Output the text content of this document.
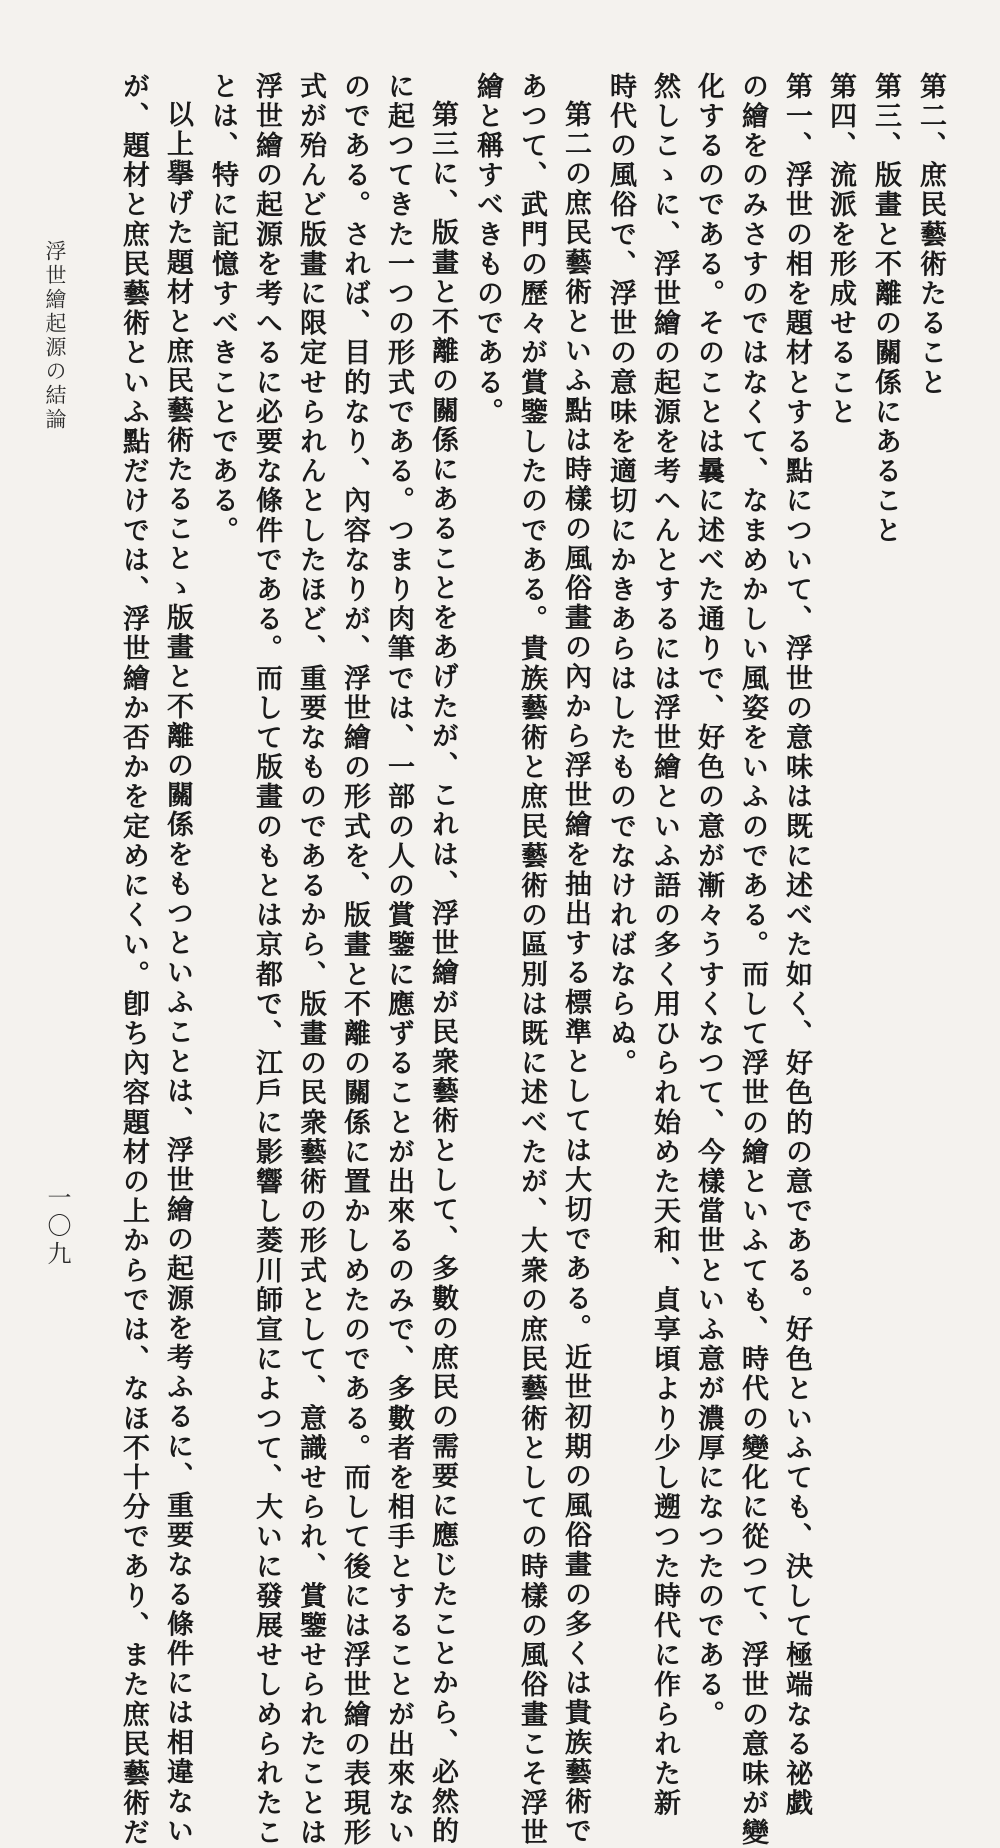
第二、庶民藝術たること
第三、版畫と不離の關係にあること
第四、流派を形成せること
第一、浮世の相を題材とする點について、浮世の意味は既に述べた如く、好色的の意である。好色といふても、決して極端なる祕戯
の繪をのみさすのではなくて、なまめかしい風姿をいふのである。而して浮世の繪といふても、時代の變化に從つて、浮世の意味が變
化するのである。そのことは曩に述べた通りで、好色の意が漸々うすくなつて、今樣當世といふ意が濃厚になつたのである。
然しこゝに、浮世繪の起源を考へんとするには浮世繪といふ語の多く用ひられ始めた天和、貞享頃より少し遡つた時代に作られた新
時代の風俗で、浮世の意味を適切にかきあらはしたものでなければならぬ。
第二の庶民藝術といふ點は時樣の風俗畫の內から浮世繪を抽出する標準としては大切である。近世初期の風俗畫の多くは貴族藝術で
あつて、武門の歷々が賞鑒したのである。貴族藝術と庶民藝術の區別は既に述べたが、大衆の庶民藝術としての時樣の風俗畫こそ浮世
繪と稱すべきものである。
第三に、版畫と不離の關係にあることをあげたが、これは、浮世繪が民衆藝術として、多數の庶民の需要に應じたことから、必然的
に起つてきた一つの形式である。つまり肉筆では、一部の人の賞鑒に應ずることが出來るのみで、多數者を相手とすることが出來ない
のである。されば、目的なり、內容なりが、浮世繪の形式を、版畫と不離の關係に置かしめたのである。而して後には浮世繪の表現形
式が殆んど版畫に限定せられんとしたほど、重要なものであるから、版畫の民衆藝術の形式として、意識せられ、賞鑒せられたことは
浮世繪の起源を考へるに必要な條件である。而して版畫のもとは京都で、江戶に影響し菱川師宣によつて、大いに發展せしめられたこ
とは、特に記憶すべきことである。
以上擧げた題材と庶民藝術たることゝ版畫と不離の關係をもつといふことは、浮世繪の起源を考ふるに、重要なる條件には相違ない
が、題材と庶民藝術といふ點だけでは、浮世繪か否かを定めにくい。卽ち內容題材の上からでは、なほ不十分であり、また庶民藝術だ
浮世繪起源の結論
一〇九
